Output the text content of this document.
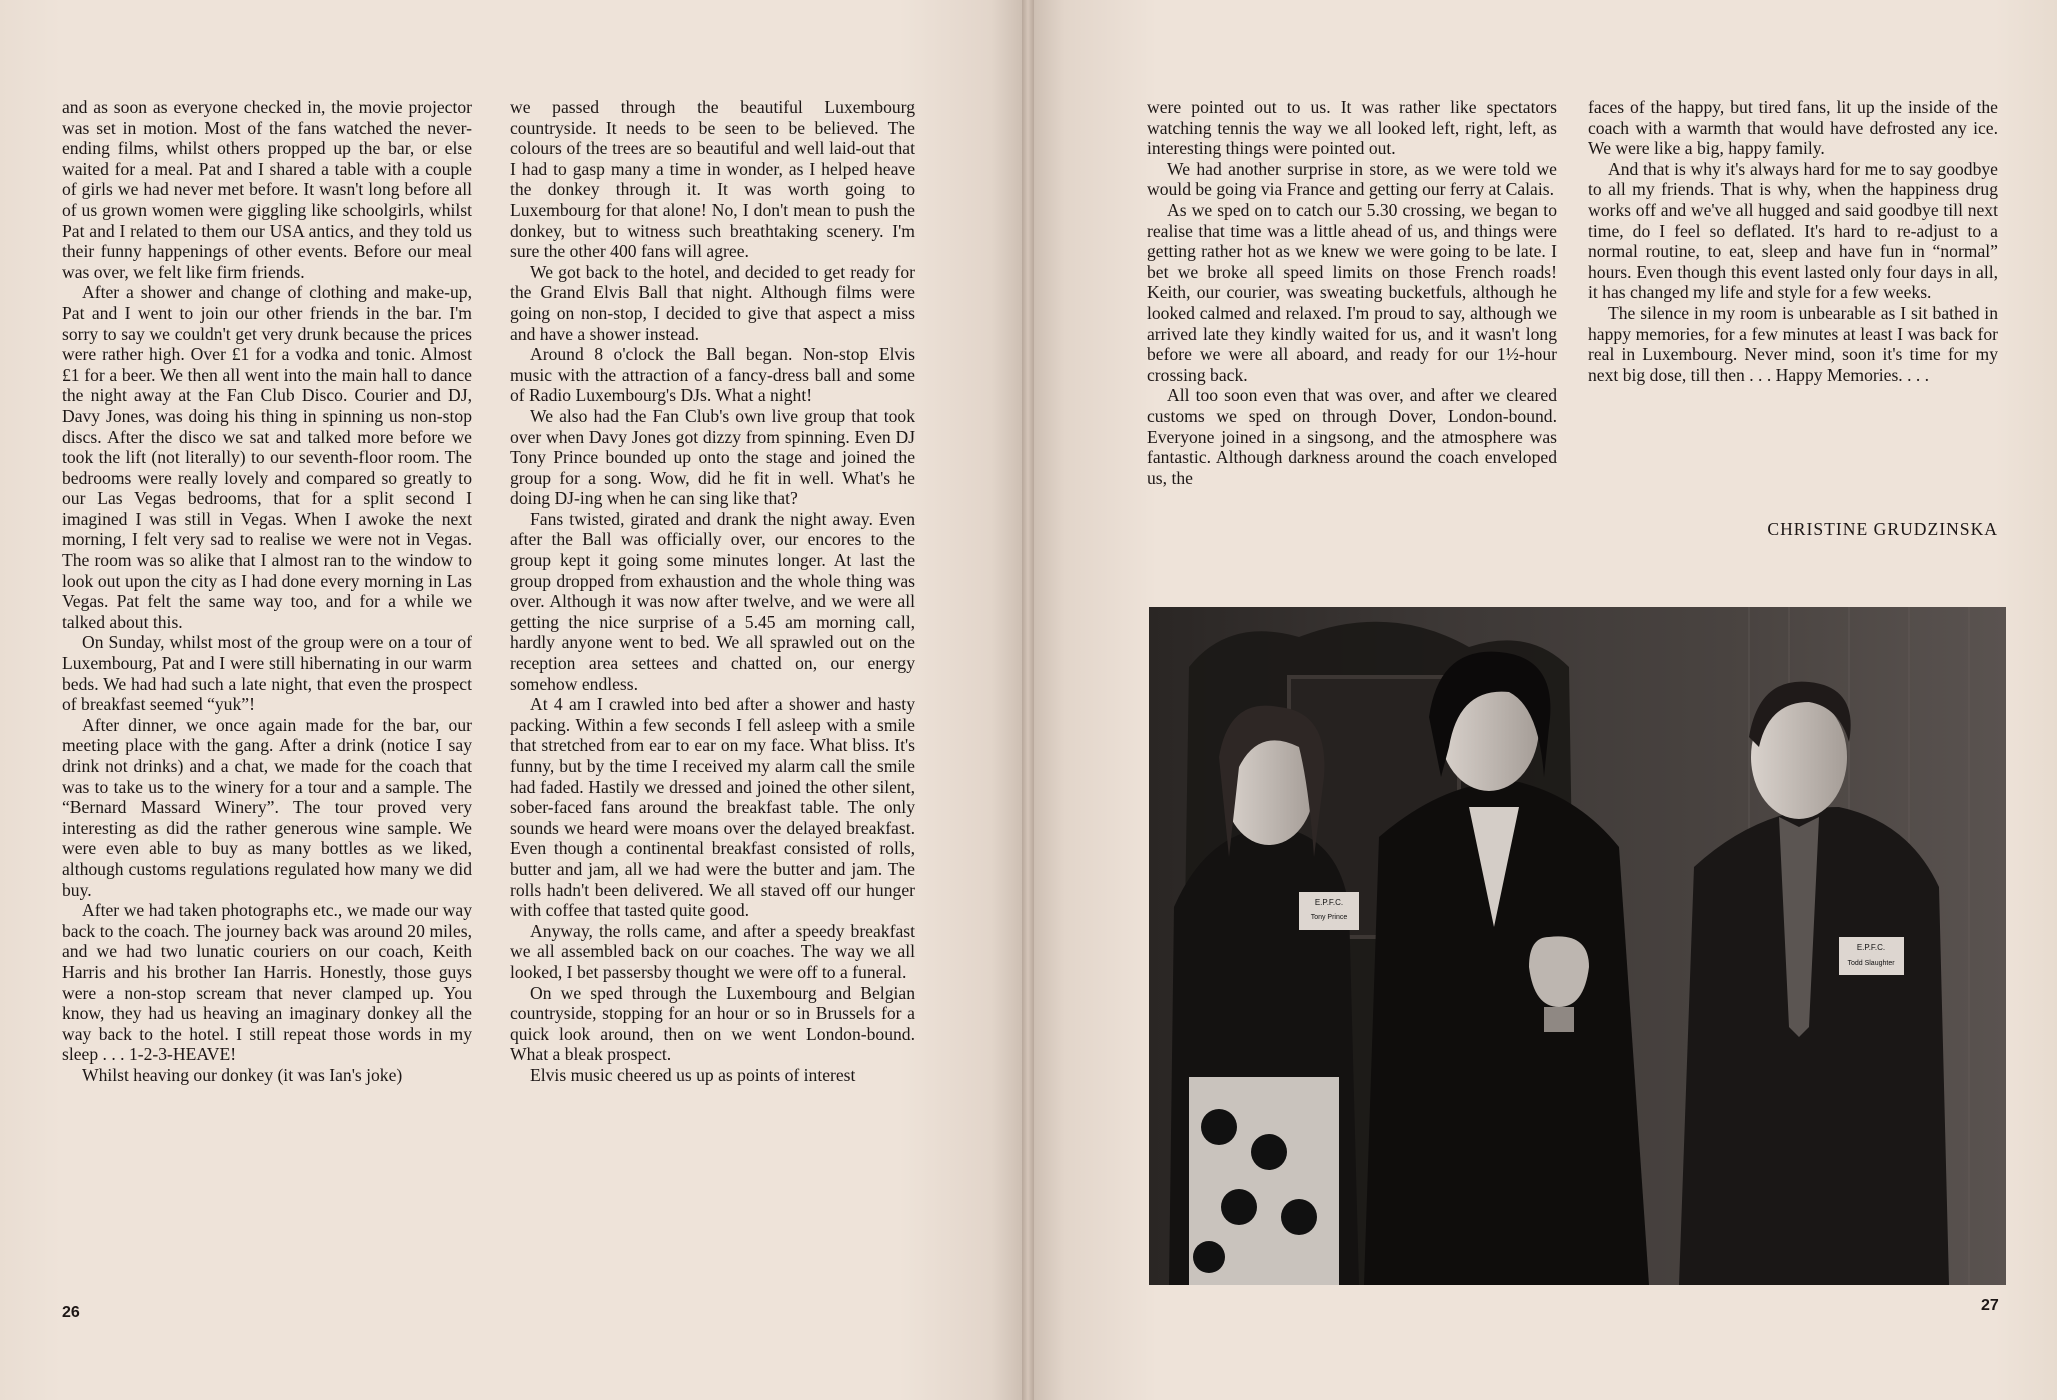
and as soon as everyone checked in, the movie projector was set in motion. Most of the fans watched the never-ending films, whilst others propped up the bar, or else waited for a meal. Pat and I shared a table with a couple of girls we had never met before. It wasn't long before all of us grown women were giggling like schoolgirls, whilst Pat and I related to them our USA antics, and they told us their funny happenings of other events. Before our meal was over, we felt like firm friends.

After a shower and change of clothing and make-up, Pat and I went to join our other friends in the bar. I'm sorry to say we couldn't get very drunk because the prices were rather high. Over £1 for a vodka and tonic. Almost £1 for a beer. We then all went into the main hall to dance the night away at the Fan Club Disco. Courier and DJ, Davy Jones, was doing his thing in spinning us non-stop discs. After the disco we sat and talked more before we took the lift (not literally) to our seventh-floor room. The bedrooms were really lovely and compared so greatly to our Las Vegas bedrooms, that for a split second I imagined I was still in Vegas. When I awoke the next morning, I felt very sad to realise we were not in Vegas. The room was so alike that I almost ran to the window to look out upon the city as I had done every morning in Las Vegas. Pat felt the same way too, and for a while we talked about this.

On Sunday, whilst most of the group were on a tour of Luxembourg, Pat and I were still hibernating in our warm beds. We had had such a late night, that even the prospect of breakfast seemed “yuk”!

After dinner, we once again made for the bar, our meeting place with the gang. After a drink (notice I say drink not drinks) and a chat, we made for the coach that was to take us to the winery for a tour and a sample. The “Bernard Massard Winery”. The tour proved very interesting as did the rather generous wine sample. We were even able to buy as many bottles as we liked, although customs regulations regulated how many we did buy.

After we had taken photographs etc., we made our way back to the coach. The journey back was around 20 miles, and we had two lunatic couriers on our coach, Keith Harris and his brother Ian Harris. Honestly, those guys were a non-stop scream that never clamped up. You know, they had us heaving an imaginary donkey all the way back to the hotel. I still repeat those words in my sleep . . . 1-2-3-HEAVE!

Whilst heaving our donkey (it was Ian's joke)

we passed through the beautiful Luxembourg countryside. It needs to be seen to be believed. The colours of the trees are so beautiful and well laid-out that I had to gasp many a time in wonder, as I helped heave the donkey through it. It was worth going to Luxembourg for that alone! No, I don't mean to push the donkey, but to witness such breathtaking scenery. I'm sure the other 400 fans will agree.

We got back to the hotel, and decided to get ready for the Grand Elvis Ball that night. Although films were going on non-stop, I decided to give that aspect a miss and have a shower instead.

Around 8 o'clock the Ball began. Non-stop Elvis music with the attraction of a fancy-dress ball and some of Radio Luxembourg's DJs. What a night!

We also had the Fan Club's own live group that took over when Davy Jones got dizzy from spinning. Even DJ Tony Prince bounded up onto the stage and joined the group for a song. Wow, did he fit in well. What's he doing DJ-ing when he can sing like that?

Fans twisted, girated and drank the night away. Even after the Ball was officially over, our encores to the group kept it going some minutes longer. At last the group dropped from exhaustion and the whole thing was over. Although it was now after twelve, and we were all getting the nice surprise of a 5.45 am morning call, hardly anyone went to bed. We all sprawled out on the reception area settees and chatted on, our energy somehow endless.

At 4 am I crawled into bed after a shower and hasty packing. Within a few seconds I fell asleep with a smile that stretched from ear to ear on my face. What bliss. It's funny, but by the time I received my alarm call the smile had faded. Hastily we dressed and joined the other silent, sober-faced fans around the breakfast table. The only sounds we heard were moans over the delayed breakfast. Even though a continental breakfast consisted of rolls, butter and jam, all we had were the butter and jam. The rolls hadn't been delivered. We all staved off our hunger with coffee that tasted quite good.

Anyway, the rolls came, and after a speedy breakfast we all assembled back on our coaches. The way we all looked, I bet passersby thought we were off to a funeral.

On we sped through the Luxembourg and Belgian countryside, stopping for an hour or so in Brussels for a quick look around, then on we went London-bound. What a bleak prospect.

Elvis music cheered us up as points of interest

were pointed out to us. It was rather like spectators watching tennis the way we all looked left, right, left, as interesting things were pointed out.

We had another surprise in store, as we were told we would be going via France and getting our ferry at Calais.

As we sped on to catch our 5.30 crossing, we began to realise that time was a little ahead of us, and things were getting rather hot as we knew we were going to be late. I bet we broke all speed limits on those French roads! Keith, our courier, was sweating bucketfuls, although he looked calmed and relaxed. I'm proud to say, although we arrived late they kindly waited for us, and it wasn't long before we were all aboard, and ready for our 1½-hour crossing back.

All too soon even that was over, and after we cleared customs we sped on through Dover, London-bound. Everyone joined in a singsong, and the atmosphere was fantastic. Although darkness around the coach enveloped us, the

faces of the happy, but tired fans, lit up the inside of the coach with a warmth that would have defrosted any ice. We were like a big, happy family.

And that is why it's always hard for me to say goodbye to all my friends. That is why, when the happiness drug works off and we've all hugged and said goodbye till next time, do I feel so deflated. It's hard to re-adjust to a normal routine, to eat, sleep and have fun in “normal” hours. Even though this event lasted only four days in all, it has changed my life and style for a few weeks.

The silence in my room is unbearable as I sit bathed in happy memories, for a few minutes at least I was back for real in Luxembourg. Never mind, soon it's time for my next big dose, till then . . . Happy Memories. . . .

CHRISTINE GRUDZINSKA
26	27
E.P.F.C.
Tony Prince
E.P.F.C.
Todd Slaughter
